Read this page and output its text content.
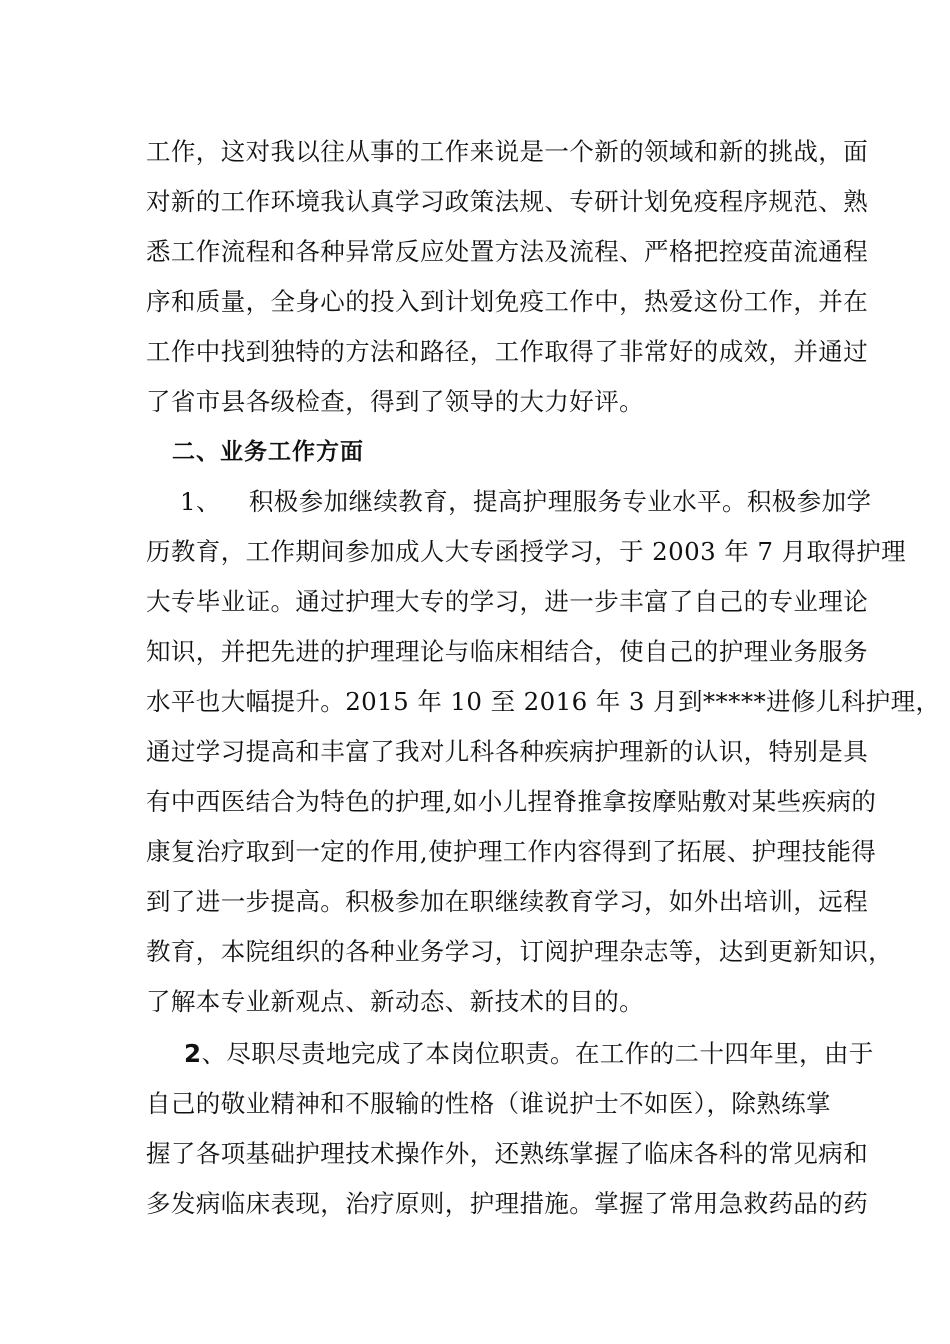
工作，这对我以往从事的工作来说是一个新的领域和新的挑战，面
对新的工作环境我认真学习政策法规、专研计划免疫程序规范、熟
悉工作流程和各种异常反应处置方法及流程、严格把控疫苗流通程
序和质量，全身心的投入到计划免疫工作中，热爱这份工作，并在
工作中找到独特的方法和路径，工作取得了非常好的成效，并通过
了省市县各级检查，得到了领导的大力好评。
二、业务工作方面
1、 积极参加继续教育，提高护理服务专业水平。积极参加学
历教育，工作期间参加成人大专函授学习，于 2003 年 7 月取得护理
大专毕业证。通过护理大专的学习，进一步丰富了自己的专业理论
知识，并把先进的护理理论与临床相结合，使自己的护理业务服务
水平也大幅提升。2015 年 10 至 2016 年 3 月到*****进修儿科护理，
通过学习提高和丰富了我对儿科各种疾病护理新的认识，特别是具
有中西医结合为特色的护理,如小儿捏脊推拿按摩贴敷对某些疾病的
康复治疗取到一定的作用,使护理工作内容得到了拓展、护理技能得
到了进一步提高。积极参加在职继续教育学习，如外出培训，远程
教育，本院组织的各种业务学习，订阅护理杂志等，达到更新知识，
了解本专业新观点、新动态、新技术的目的。
2、尽职尽责地完成了本岗位职责。在工作的二十四年里，由于
自己的敬业精神和不服输的性格（谁说护士不如医），除熟练掌
握了各项基础护理技术操作外，还熟练掌握了临床各科的常见病和
多发病临床表现，治疗原则，护理措施。掌握了常用急救药品的药
